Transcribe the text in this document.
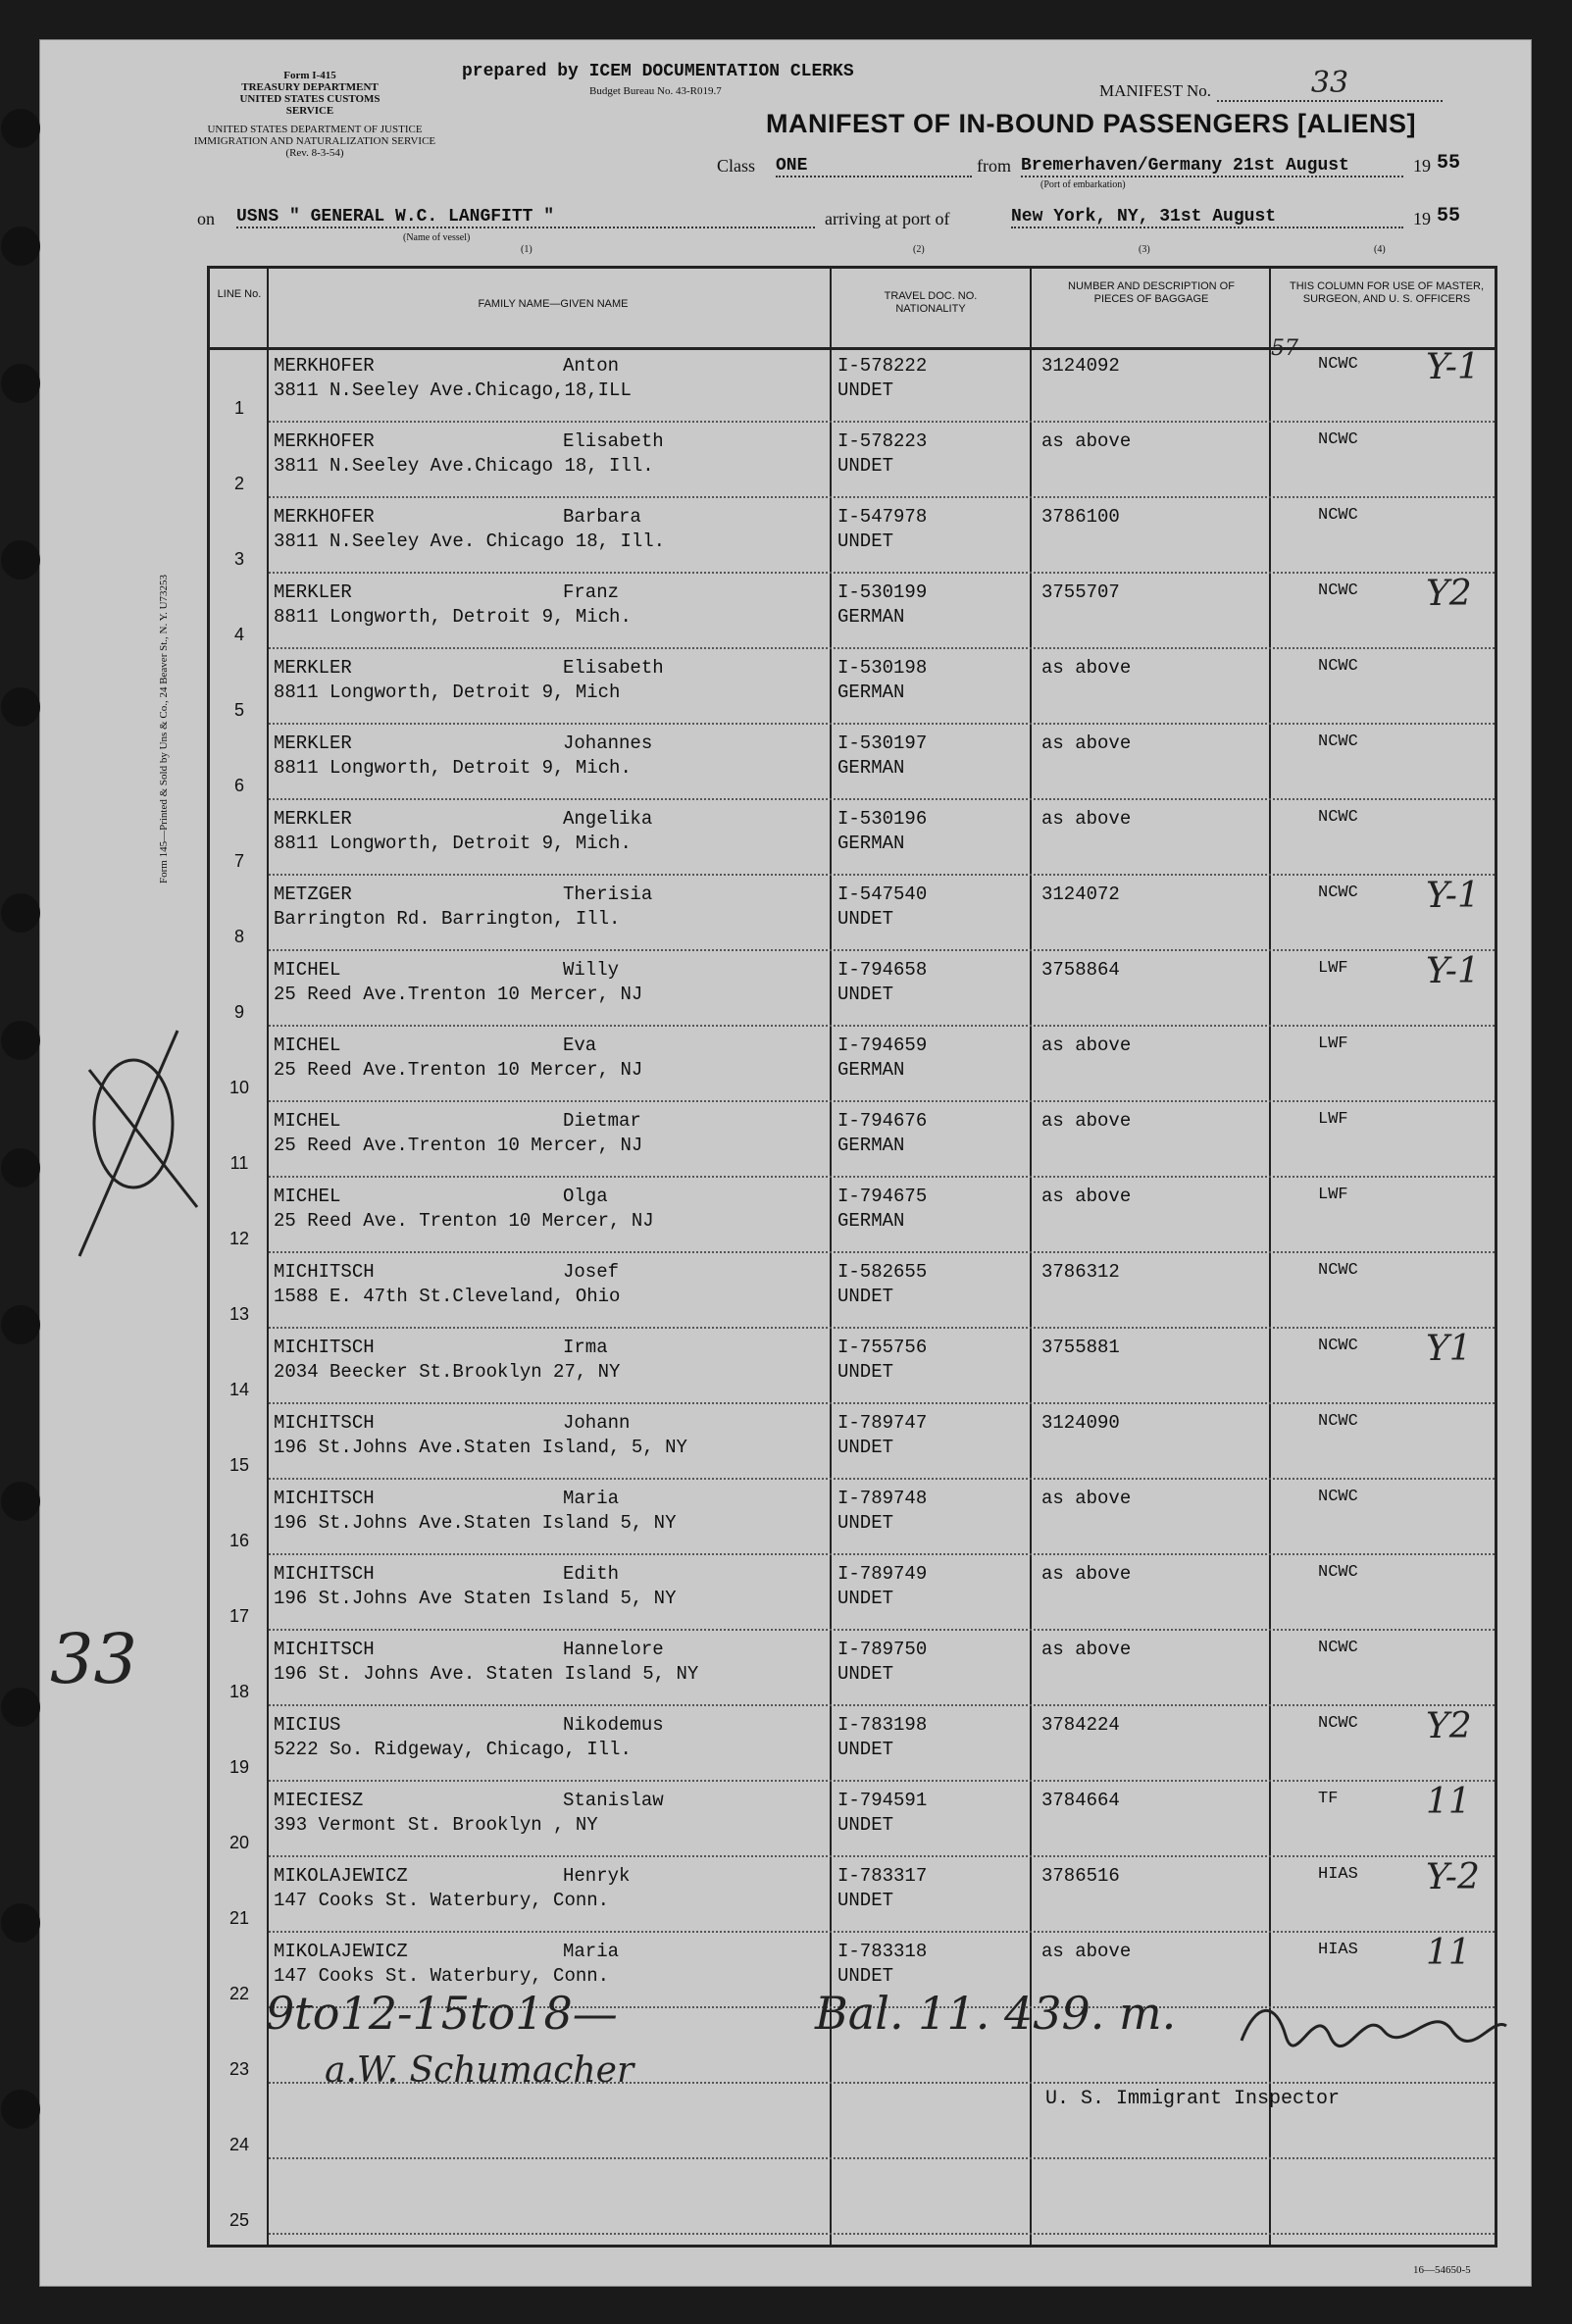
Form I-415
TREASURY DEPARTMENT
UNITED STATES CUSTOMS SERVICE
UNITED STATES DEPARTMENT OF JUSTICE
IMMIGRATION AND NATURALIZATION SERVICE
(Rev. 8-3-54)
prepared by ICEM DOCUMENTATION CLERKS
Budget Bureau No. 43-R019.7	MANIFEST No.	33
MANIFEST OF IN-BOUND PASSENGERS [ALIENS]
Class ONE	from Bremerhaven/Germany 21st August	19 55
(Port of embarkation)
on USNS " GENERAL W.C. LANGFITT "
(Name of vessel)
arriving at port of	New York, NY, 31st August	19 55
(1)	(2)	(3)	(4)
LINE No.
FAMILY NAME—GIVEN NAME
TRAVEL DOC. NO. NATIONALITY
NUMBER AND DESCRIPTION OF PIECES OF BAGGAGE
THIS COLUMN FOR USE OF MASTER, SURGEON, AND U. S. OFFICERS
1
MERKHOFER	Anton
3811 N.Seeley Ave.Chicago,18,ILL
I-578222
UNDET
3124092	NCWC Y-1
2
MERKHOFER	Elisabeth
3811 N.Seeley Ave.Chicago 18, Ill.
I-578223
UNDET
as above	NCWC
3
MERKHOFER	Barbara
3811 N.Seeley Ave. Chicago 18, Ill.
I-547978
UNDET
3786100	NCWC
4
MERKLER	Franz
8811 Longworth, Detroit 9, Mich.
I-530199
GERMAN
3755707	NCWC Y2
5
MERKLER	Elisabeth
8811 Longworth, Detroit 9, Mich
I-530198
GERMAN
as above	NCWC
6
MERKLER	Johannes
8811 Longworth, Detroit 9, Mich.
I-530197
GERMAN
as above	NCWC
7
MERKLER	Angelika
8811 Longworth, Detroit 9, Mich.
I-530196
GERMAN
as above	NCWC
8
METZGER	Therisia
Barrington Rd. Barrington, Ill.
I-547540
UNDET
3124072	NCWC Y-1
9
MICHEL	Willy
25 Reed Ave.Trenton 10 Mercer, NJ
I-794658
UNDET
3758864	LWF Y-1
10
MICHEL	Eva
25 Reed Ave.Trenton 10 Mercer, NJ
I-794659
GERMAN
as above	LWF
11
MICHEL	Dietmar
25 Reed Ave.Trenton 10 Mercer, NJ
I-794676
GERMAN
as above	LWF
12
MICHEL	Olga
25 Reed Ave. Trenton 10 Mercer, NJ
I-794675
GERMAN
as above	LWF
13
MICHITSCH	Josef
1588 E. 47th St.Cleveland, Ohio
I-582655
UNDET
3786312	NCWC
14
MICHITSCH	Irma
2034 Beecker St.Brooklyn 27, NY
I-755756
UNDET
3755881	NCWC Y1
15
MICHITSCH	Johann
196 St.Johns Ave.Staten Island, 5, NY
I-789747
UNDET
3124090	NCWC
16
MICHITSCH	Maria
196 St.Johns Ave.Staten Island 5, NY
I-789748
UNDET
as above	NCWC
17
MICHITSCH	Edith
196 St.Johns Ave Staten Island 5, NY
I-789749
UNDET
as above	NCWC
18
MICHITSCH	Hannelore
196 St. Johns Ave. Staten Island 5, NY
I-789750
UNDET
as above	NCWC
19
MICIUS	Nikodemus
5222 So. Ridgeway, Chicago, Ill.
I-783198
UNDET
3784224	NCWC Y2
20
MIECIESZ	Stanislaw
393 Vermont St. Brooklyn , NY
I-794591
UNDET
3784664	TF 11
21
MIKOLAJEWICZ	Henryk
147 Cooks St. Waterbury, Conn.
I-783317
UNDET
3786516	HIAS Y-2
22
MIKOLAJEWICZ	Maria
147 Cooks St. Waterbury, Conn.
I-783318
UNDET
as above	HIAS 11
23
24
25
33
57
9to12-15to18—	Bal. 11. 439. m.
a.W. Schumacher
U. S. Immigrant Inspector
16—54650-5
Form 145—Printed & Sold by Uns & Co., 24 Beaver St., N. Y. U73253
